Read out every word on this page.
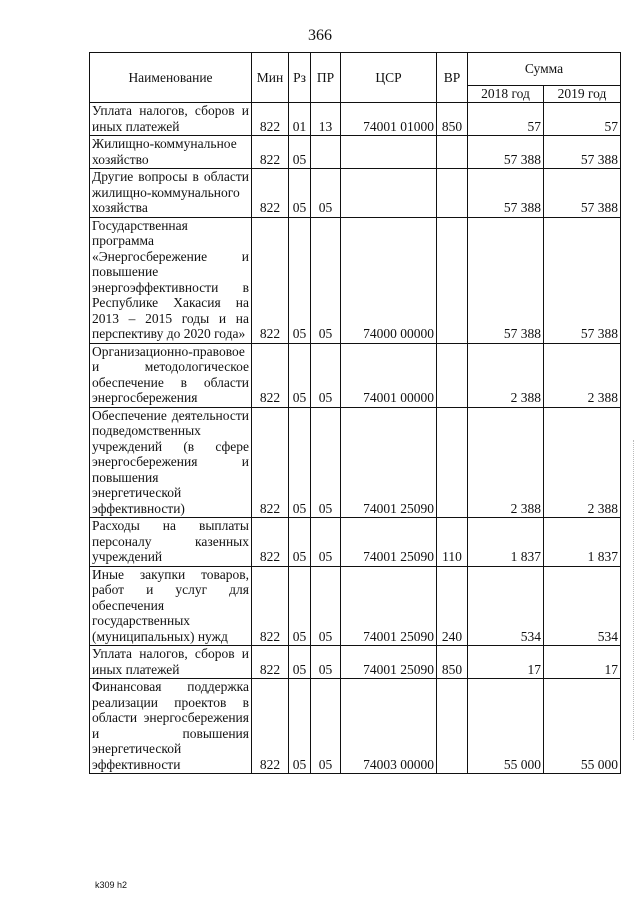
366
Наименование	Мин	Рз	ПР	ЦСР	ВР	Сумма	
						2018 год	2019 год
Уплата налогов, сборов и иных платежей	822	01	13	74001 01000	850	57	57
Жилищно-коммунальное хозяйство	822	05				57 388	57 388
Другие вопросы в области жилищно-коммунального хозяйства	822	05	05			57 388	57 388
Государственная программа «Энергосбережение и повышение энергоэффективности в Республике Хакасия на 2013 – 2015 годы и на перспективу до 2020 года»	822	05	05	74000 00000		57 388	57 388
Организационно-правовое и методологическое обеспечение в области энергосбережения	822	05	05	74001 00000		2 388	2 388
Обеспечение деятельности подведомственных учреждений (в сфере энергосбережения и повышения энергетической эффективности)	822	05	05	74001 25090		2 388	2 388
Расходы на выплаты персоналу казенных учреждений	822	05	05	74001 25090	110	1 837	1 837
Иные закупки товаров, работ и услуг для обеспечения государственных (муниципальных) нужд	822	05	05	74001 25090	240	534	534
Уплата налогов, сборов и иных платежей	822	05	05	74001 25090	850	17	17
Финансовая поддержка реализации проектов в области энергосбережения и повышения энергетической эффективности	822	05	05	74003 00000		55 000	55 000
k309 h2
